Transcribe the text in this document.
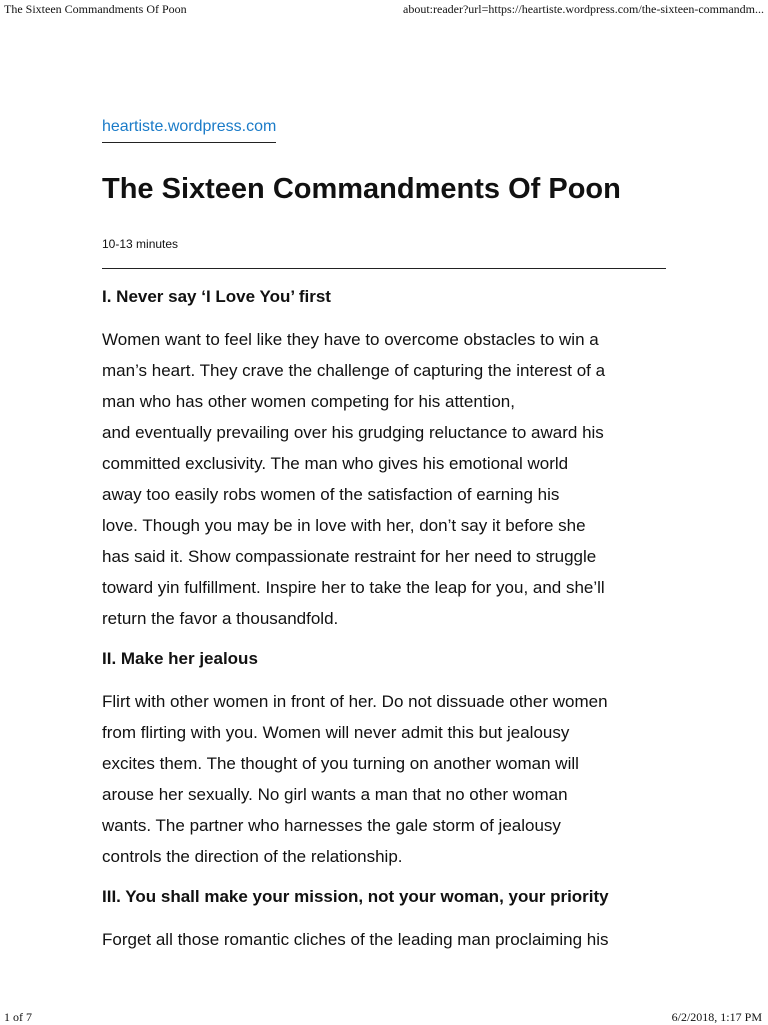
The Sixteen Commandments Of Poon	about:reader?url=https://heartiste.wordpress.com/the-sixteen-commandm...
heartiste.wordpress.com
The Sixteen Commandments Of Poon
10-13 minutes
I. Never say ‘I Love You’ first

Women want to feel like they have to overcome obstacles to win a
man’s heart. They crave the challenge of capturing the interest of a
man who has other women competing for his attention,
and eventually prevailing over his grudging reluctance to award his
committed exclusivity. The man who gives his emotional world
away too easily robs women of the satisfaction of earning his
love. Though you may be in love with her, don’t say it before she
has said it. Show compassionate restraint for her need to struggle
toward yin fulfillment. Inspire her to take the leap for you, and she’ll
return the favor a thousandfold.

II. Make her jealous

Flirt with other women in front of her. Do not dissuade other women
from flirting with you. Women will never admit this but jealousy
excites them. The thought of you turning on another woman will
arouse her sexually. No girl wants a man that no other woman
wants. The partner who harnesses the gale storm of jealousy
controls the direction of the relationship.

III. You shall make your mission, not your woman, your priority

Forget all those romantic cliches of the leading man proclaiming his

1 of 7	6/2/2018, 1:17 PM
